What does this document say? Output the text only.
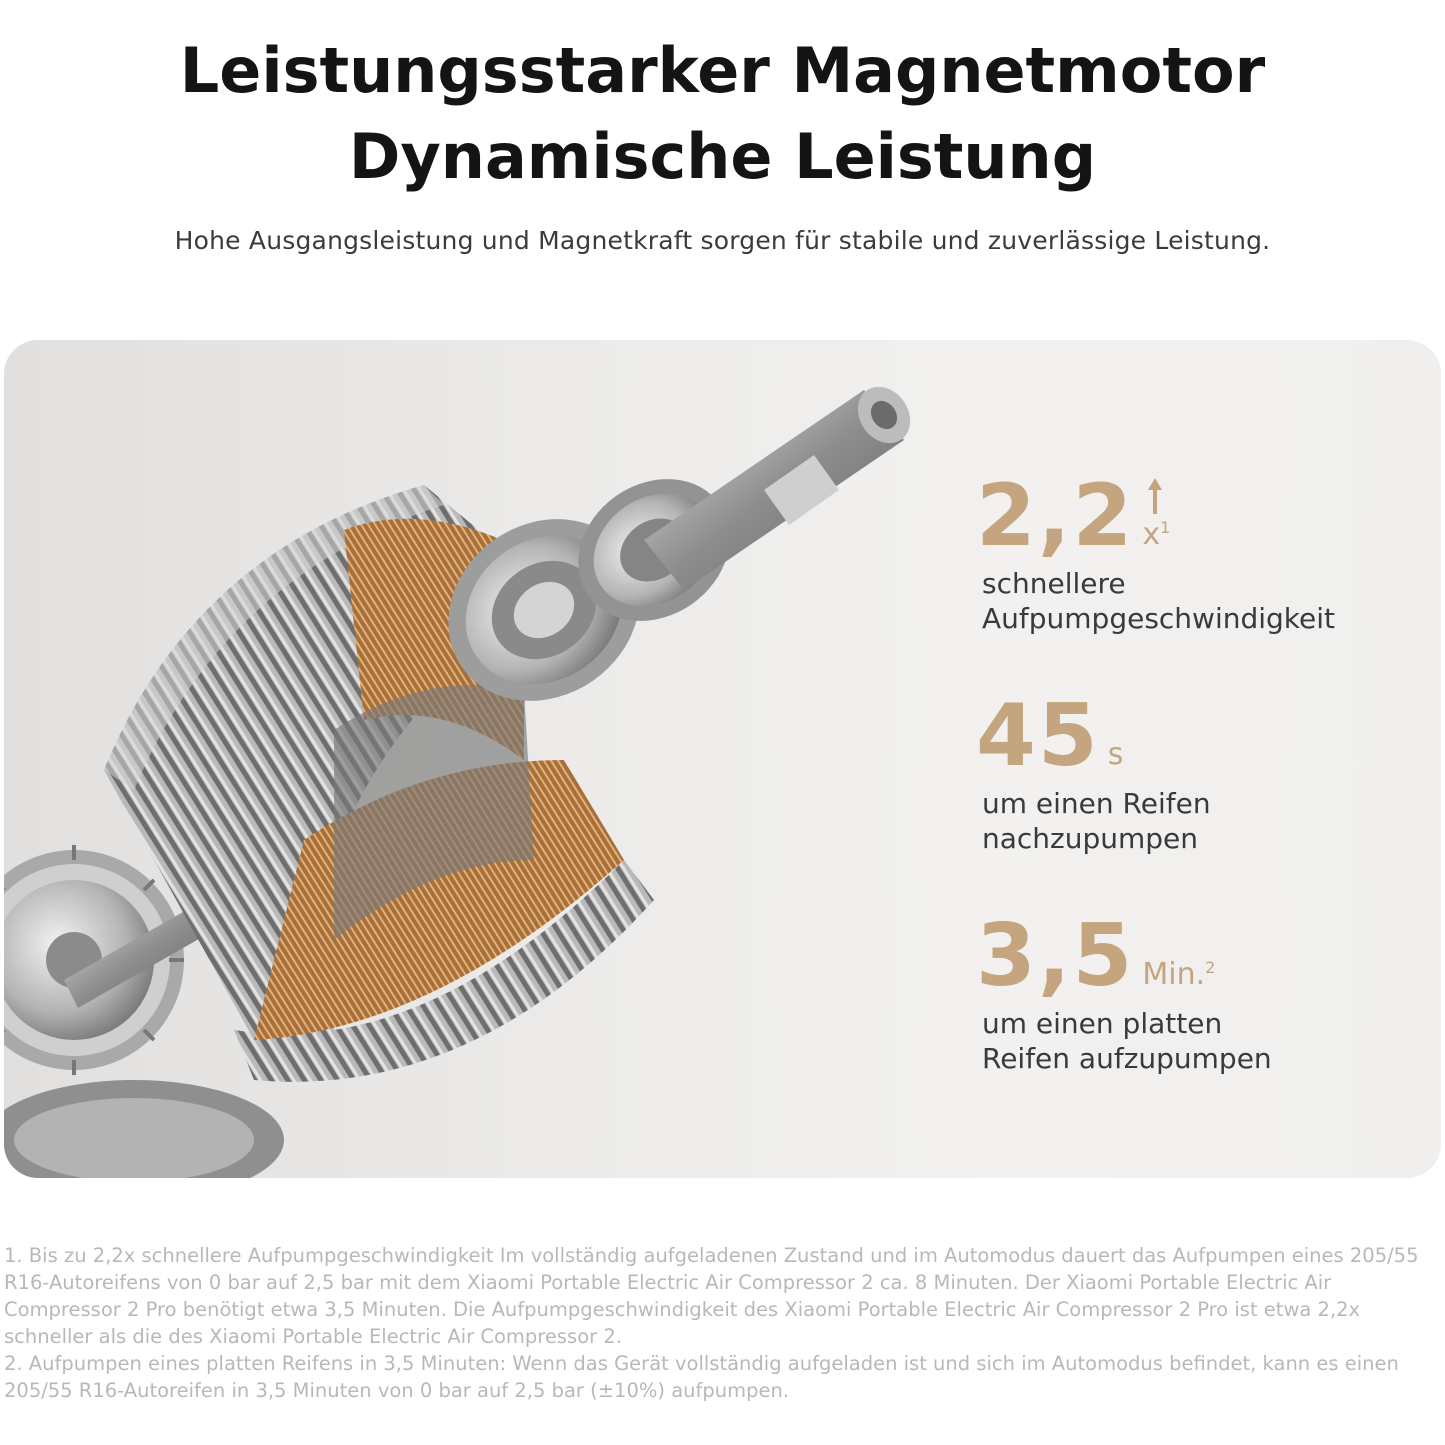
Leistungsstarker Magnetmotor
Dynamische Leistung
Hohe Ausgangsleistung und Magnetkraft sorgen für stabile und zuverlässige Leistung.
2,2 $x^1$
schnellere
Aufpumpgeschwindigkeit
45 s
um einen Reifen
nachzupumpen
3,5 Min.$^2$
um einen platten
Reifen aufzupumpen

1. Bis zu 2,2x schnellere Aufpumpgeschwindigkeit Im vollständig aufgeladenen Zustand und im Automodus dauert das Aufpumpen eines 205/55 R16-Autoreifens von 0 bar auf 2,5 bar mit dem Xiaomi Portable Electric Air Compressor 2 ca. 8 Minuten. Der Xiaomi Portable Electric Air Compressor 2 Pro benötigt etwa 3,5 Minuten. Die Aufpumpgeschwindigkeit des Xiaomi Portable Electric Air Compressor 2 Pro ist etwa 2,2x schneller als die des Xiaomi Portable Electric Air Compressor 2.

2. Aufpumpen eines platten Reifens in 3,5 Minuten: Wenn das Gerät vollständig aufgeladen ist und sich im Automodus befindet, kann es einen 205/55 R16-Autoreifen in 3,5 Minuten von 0 bar auf 2,5 bar (±10%) aufpumpen.
